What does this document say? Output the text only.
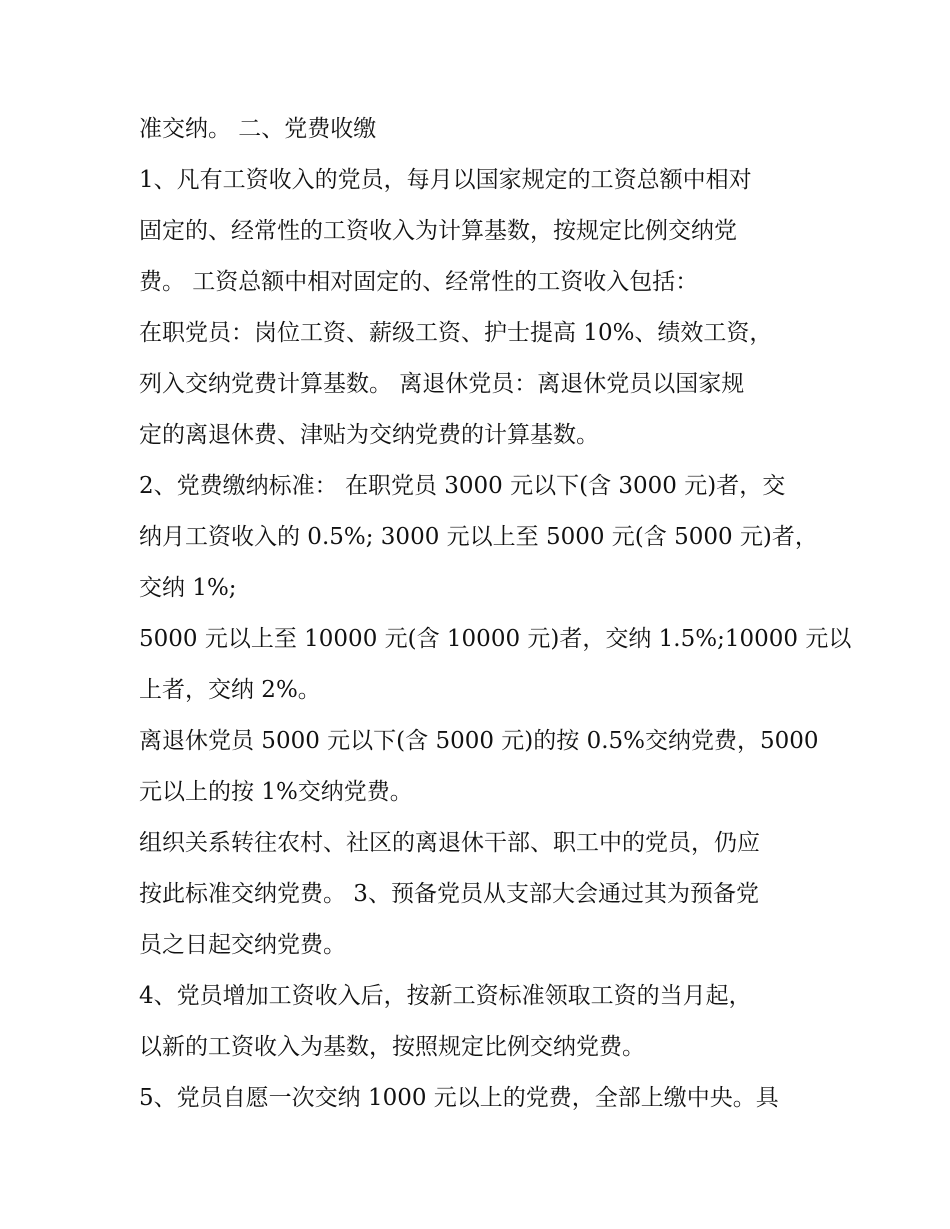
准交纳。 二、党费收缴
1、凡有工资收入的党员，每月以国家规定的工资总额中相对
固定的、经常性的工资收入为计算基数，按规定比例交纳党
费。 工资总额中相对固定的、经常性的工资收入包括：
在职党员：岗位工资、薪级工资、护士提高 10%、绩效工资，
列入交纳党费计算基数。 离退休党员：离退休党员以国家规
定的离退休费、津贴为交纳党费的计算基数。
2、党费缴纳标准： 在职党员 3000 元以下(含 3000 元)者，交
纳月工资收入的 0.5%; 3000 元以上至 5000 元(含 5000 元)者，
交纳 1%;
5000 元以上至 10000 元(含 10000 元)者，交纳 1.5%;10000 元以
上者，交纳 2%。
离退休党员 5000 元以下(含 5000 元)的按 0.5%交纳党费，5000
元以上的按 1%交纳党费。
组织关系转往农村、社区的离退休干部、职工中的党员，仍应
按此标准交纳党费。 3、预备党员从支部大会通过其为预备党
员之日起交纳党费。
4、党员增加工资收入后，按新工资标准领取工资的当月起，
以新的工资收入为基数，按照规定比例交纳党费。
5、党员自愿一次交纳 1000 元以上的党费，全部上缴中央。具
